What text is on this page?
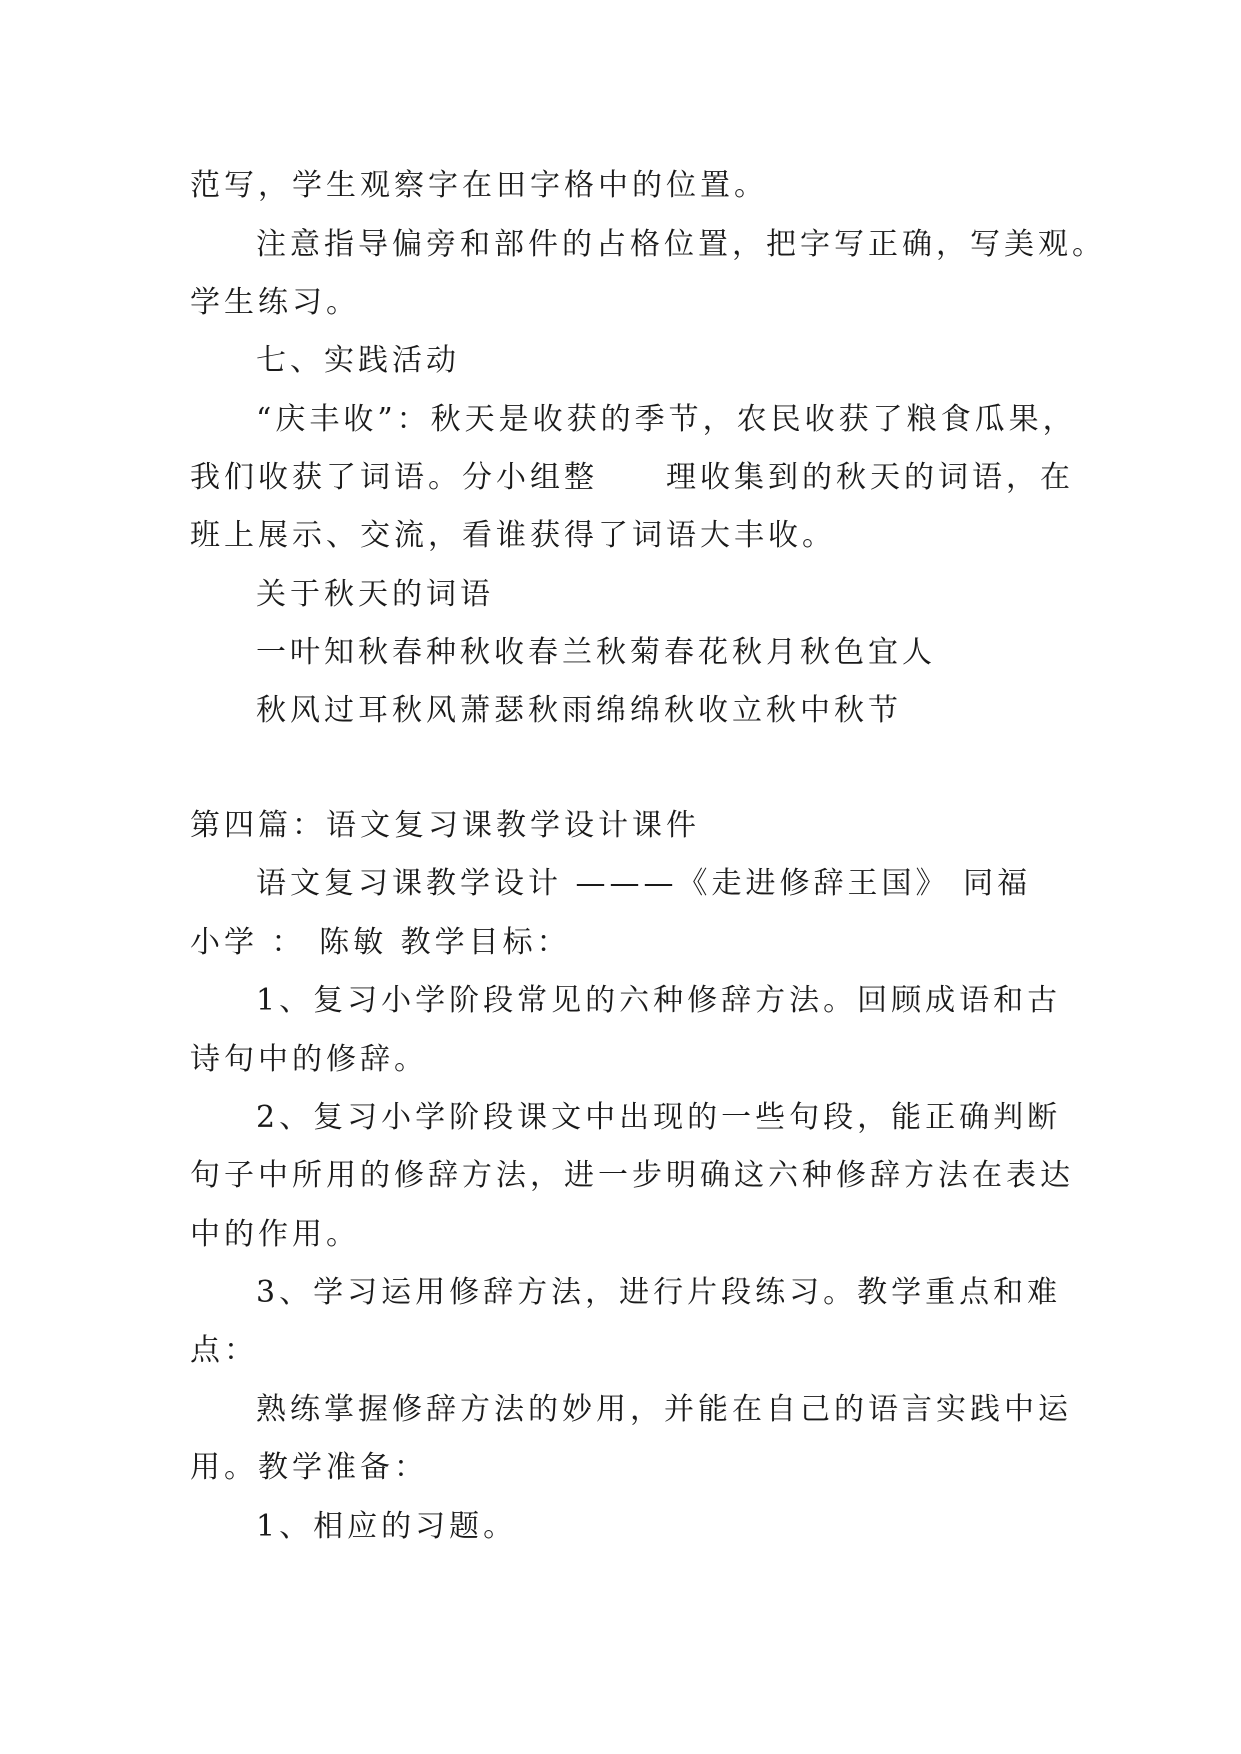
范写，学生观察字在田字格中的位置。
注意指导偏旁和部件的占格位置，把字写正确，写美观。
学生练习。
七、实践活动
“庆丰收”：秋天是收获的季节，农民收获了粮食瓜果，
我们收获了词语。分小组整　　理收集到的秋天的词语，在
班上展示、交流，看谁获得了词语大丰收。
关于秋天的词语
一叶知秋春种秋收春兰秋菊春花秋月秋色宜人
秋风过耳秋风萧瑟秋雨绵绵秋收立秋中秋节
第四篇：语文复习课教学设计课件
语文复习课教学设计 ———《走进修辞王国》 同福
小学 ： 陈敏 教学目标：
1、复习小学阶段常见的六种修辞方法。回顾成语和古
诗句中的修辞。
2、复习小学阶段课文中出现的一些句段，能正确判断
句子中所用的修辞方法，进一步明确这六种修辞方法在表达
中的作用。
3、学习运用修辞方法，进行片段练习。教学重点和难
点：
熟练掌握修辞方法的妙用，并能在自己的语言实践中运
用。教学准备：
1、相应的习题。
